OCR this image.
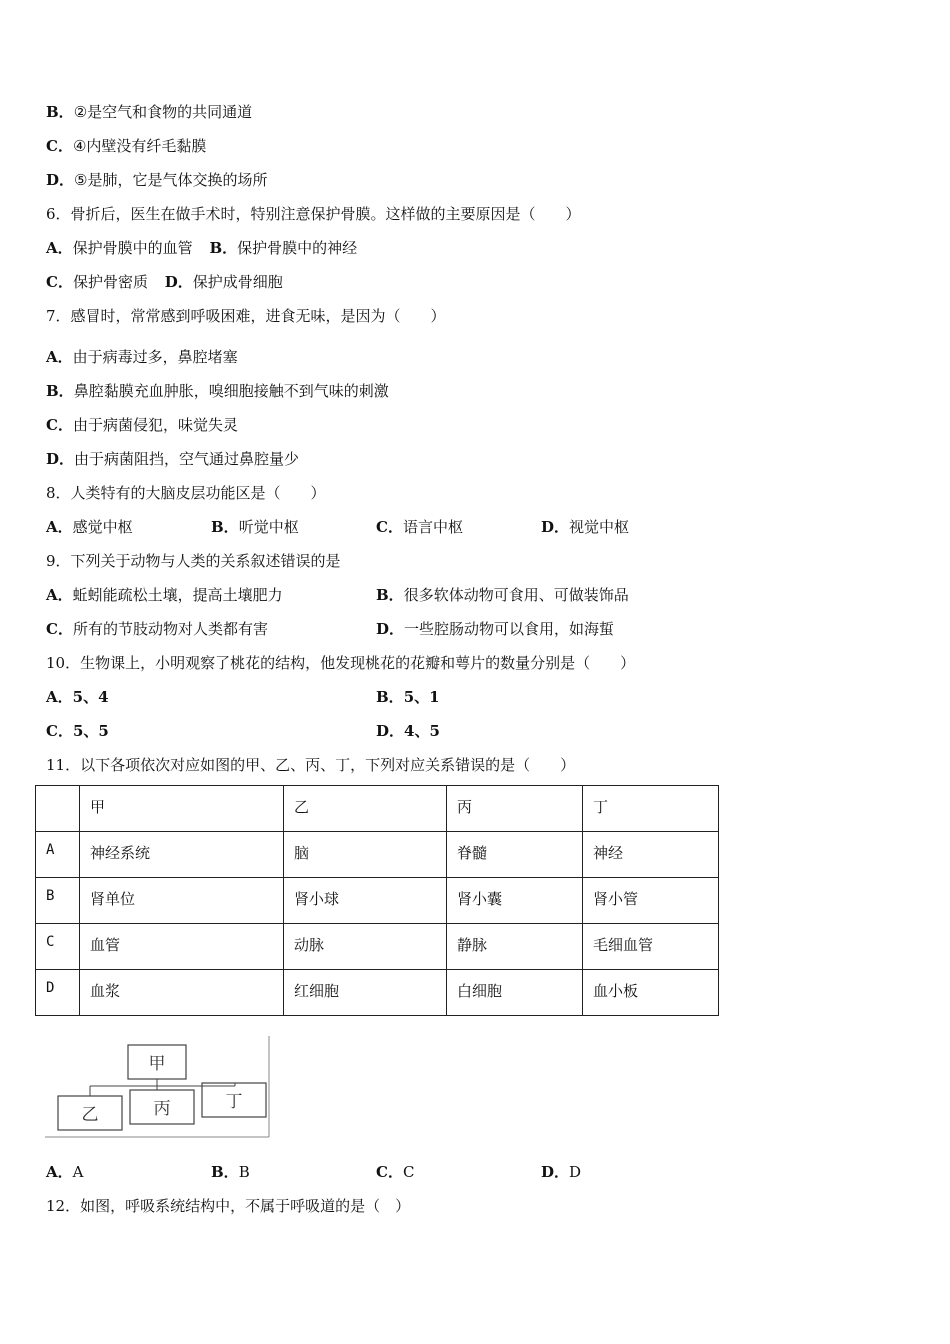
B．②是空气和食物的共同通道
C．④内壁没有纤毛黏膜
D．⑤是肺，它是气体交换的场所
6．骨折后，医生在做手术时，特别注意保护骨膜。这样做的主要原因是（　　）
A．保护骨膜中的血管 B．保护骨膜中的神经
C．保护骨密质 D．保护成骨细胞
7．感冒时，常常感到呼吸困难，进食无味，是因为（　　）
A．由于病毒过多，鼻腔堵塞
B．鼻腔黏膜充血肿胀，嗅细胞接触不到气味的刺激
C．由于病菌侵犯，味觉失灵
D．由于病菌阻挡，空气通过鼻腔量少
8．人类特有的大脑皮层功能区是（　　）
A．感觉中枢	B．听觉中枢	C．语言中枢	D．视觉中枢
9．下列关于动物与人类的关系叙述错误的是
A．蚯蚓能疏松土壤，提高土壤肥力	B．很多软体动物可食用、可做装饰品
C．所有的节肢动物对人类都有害	D．一些腔肠动物可以食用，如海蜇
10．生物课上，小明观察了桃花的结构，他发现桃花的花瓣和萼片的数量分别是（　　）
A．5、4	B．5、1
C．5、5	D．4、5
11．以下各项依次对应如图的甲、乙、丙、丁，下列对应关系错误的是（　　）
	甲	乙	丙	丁
A	神经系统	脑	脊髓	神经
B	肾单位	肾小球	肾小囊	肾小管
C	血管	动脉	静脉	毛细血管
D	血浆	红细胞	白细胞	血小板
甲
乙	丙	丁
A．A	B．B	C．C	D．D
12．如图，呼吸系统结构中，不属于呼吸道的是（　）
